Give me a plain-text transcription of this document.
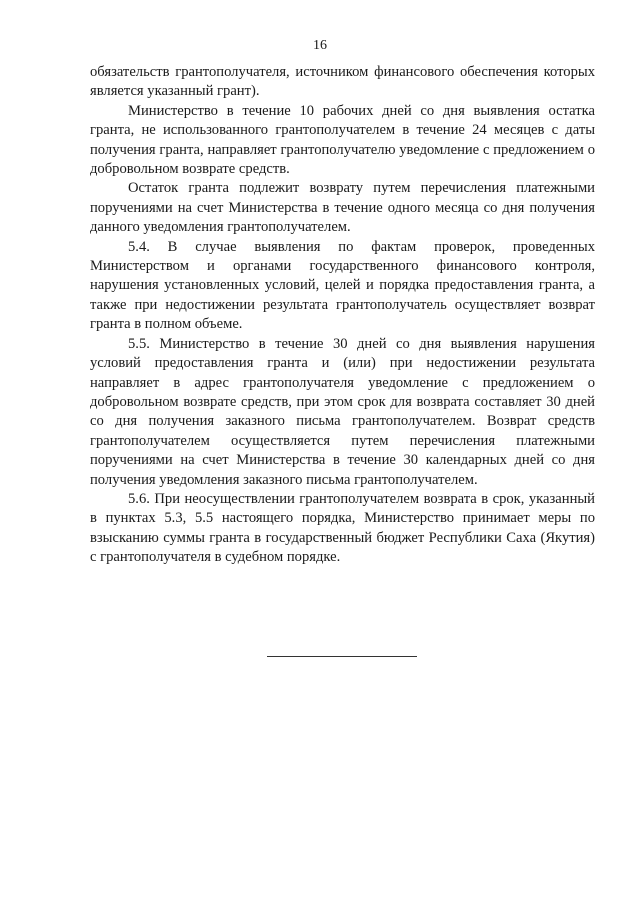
16

обязательств грантополучателя, источником финансового обеспечения которых является указанный грант).

Министерство в течение 10 рабочих дней со дня выявления остатка гранта, не использованного грантополучателем в течение 24 месяцев с даты получения гранта, направляет грантополучателю уведомление с предложением о добровольном возврате средств.

Остаток гранта подлежит возврату путем перечисления платежными поручениями на счет Министерства в течение одного месяца со дня получения данного уведомления грантополучателем.

5.4. В случае выявления по фактам проверок, проведенных Министерством и органами государственного финансового контроля, нарушения установленных условий, целей и порядка предоставления гранта, а также при недостижении результата грантополучатель осуществляет возврат гранта в полном объеме.

5.5. Министерство в течение 30 дней со дня выявления нарушения условий предоставления гранта и (или) при недостижении результата направляет в адрес грантополучателя уведомление с предложением о добровольном возврате средств, при этом срок для возврата составляет 30 дней со дня получения заказного письма грантополучателем. Возврат средств грантополучателем осуществляется путем перечисления платежными поручениями на счет Министерства в течение 30 календарных дней со дня получения уведомления заказного письма грантополучателем.

5.6. При неосуществлении грантополучателем возврата в срок, указанный в пунктах 5.3, 5.5 настоящего порядка, Министерство принимает меры по взысканию суммы гранта в государственный бюджет Республики Саха (Якутия) с грантополучателя в судебном порядке.
